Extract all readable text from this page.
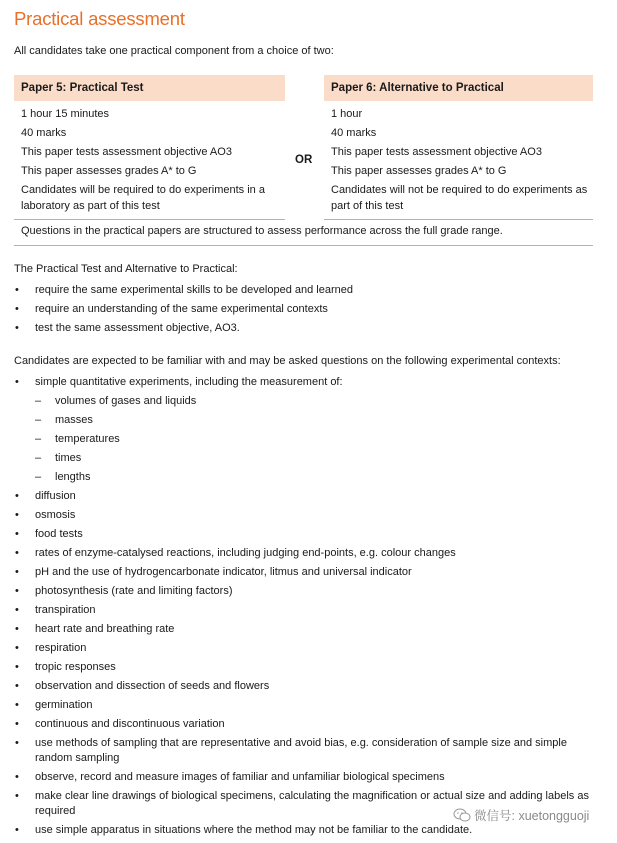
Practical assessment
All candidates take one practical component from a choice of two:
Paper 5: Practical Test	Paper 6: Alternative to Practical
1 hour 15 minutes
40 marks
This paper tests assessment objective AO3
This paper assesses grades A* to G
Candidates will be required to do experiments in a laboratory as part of this test
OR
1 hour
40 marks
This paper tests assessment objective AO3
This paper assesses grades A* to G
Candidates will not be required to do experiments as part of this test
Questions in the practical papers are structured to assess performance across the full grade range.
The Practical Test and Alternative to Practical:
• require the same experimental skills to be developed and learned
• require an understanding of the same experimental contexts
• test the same assessment objective, AO3.
Candidates are expected to be familiar with and may be asked questions on the following experimental contexts:
• simple quantitative experiments, including the measurement of:
– volumes of gases and liquids
– masses
– temperatures
– times
– lengths
• diffusion
• osmosis
• food tests
• rates of enzyme-catalysed reactions, including judging end-points, e.g. colour changes
• pH and the use of hydrogencarbonate indicator, litmus and universal indicator
• photosynthesis (rate and limiting factors)
• transpiration
• heart rate and breathing rate
• respiration
• tropic responses
• observation and dissection of seeds and flowers
• germination
• continuous and discontinuous variation
• use methods of sampling that are representative and avoid bias, e.g. consideration of sample size and simple random sampling
• observe, record and measure images of familiar and unfamiliar biological specimens
• make clear line drawings of biological specimens, calculating the magnification or actual size and adding labels as required
• use simple apparatus in situations where the method may not be familiar to the candidate.
微信号: xuetongguoji
